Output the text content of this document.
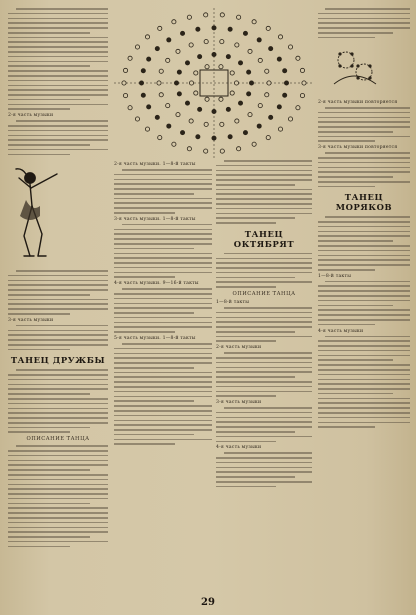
2-я часть музыки
3-я часть музыки
ТАНЕЦ ДРУЖБЫ
ОПИСАНИЕ ТАНЦА
2-я часть музыки. 1—8-й такты
3-я часть музыки. 1—8-й такты
4-я часть музыки. 9—16-й такты
5-я часть музыки. 1—8-й такты
ТАНЕЦ ОКТЯБРЯТ
ОПИСАНИЕ ТАНЦА
1—8-й такты
2-я часть музыки
3-я часть музыки
4-я часть музыки
2-я часть музыки повторяется
3-я часть музыки повторяется
ТАНЕЦ МОРЯКОВ
1—8-й такты
4-я часть музыки
29
